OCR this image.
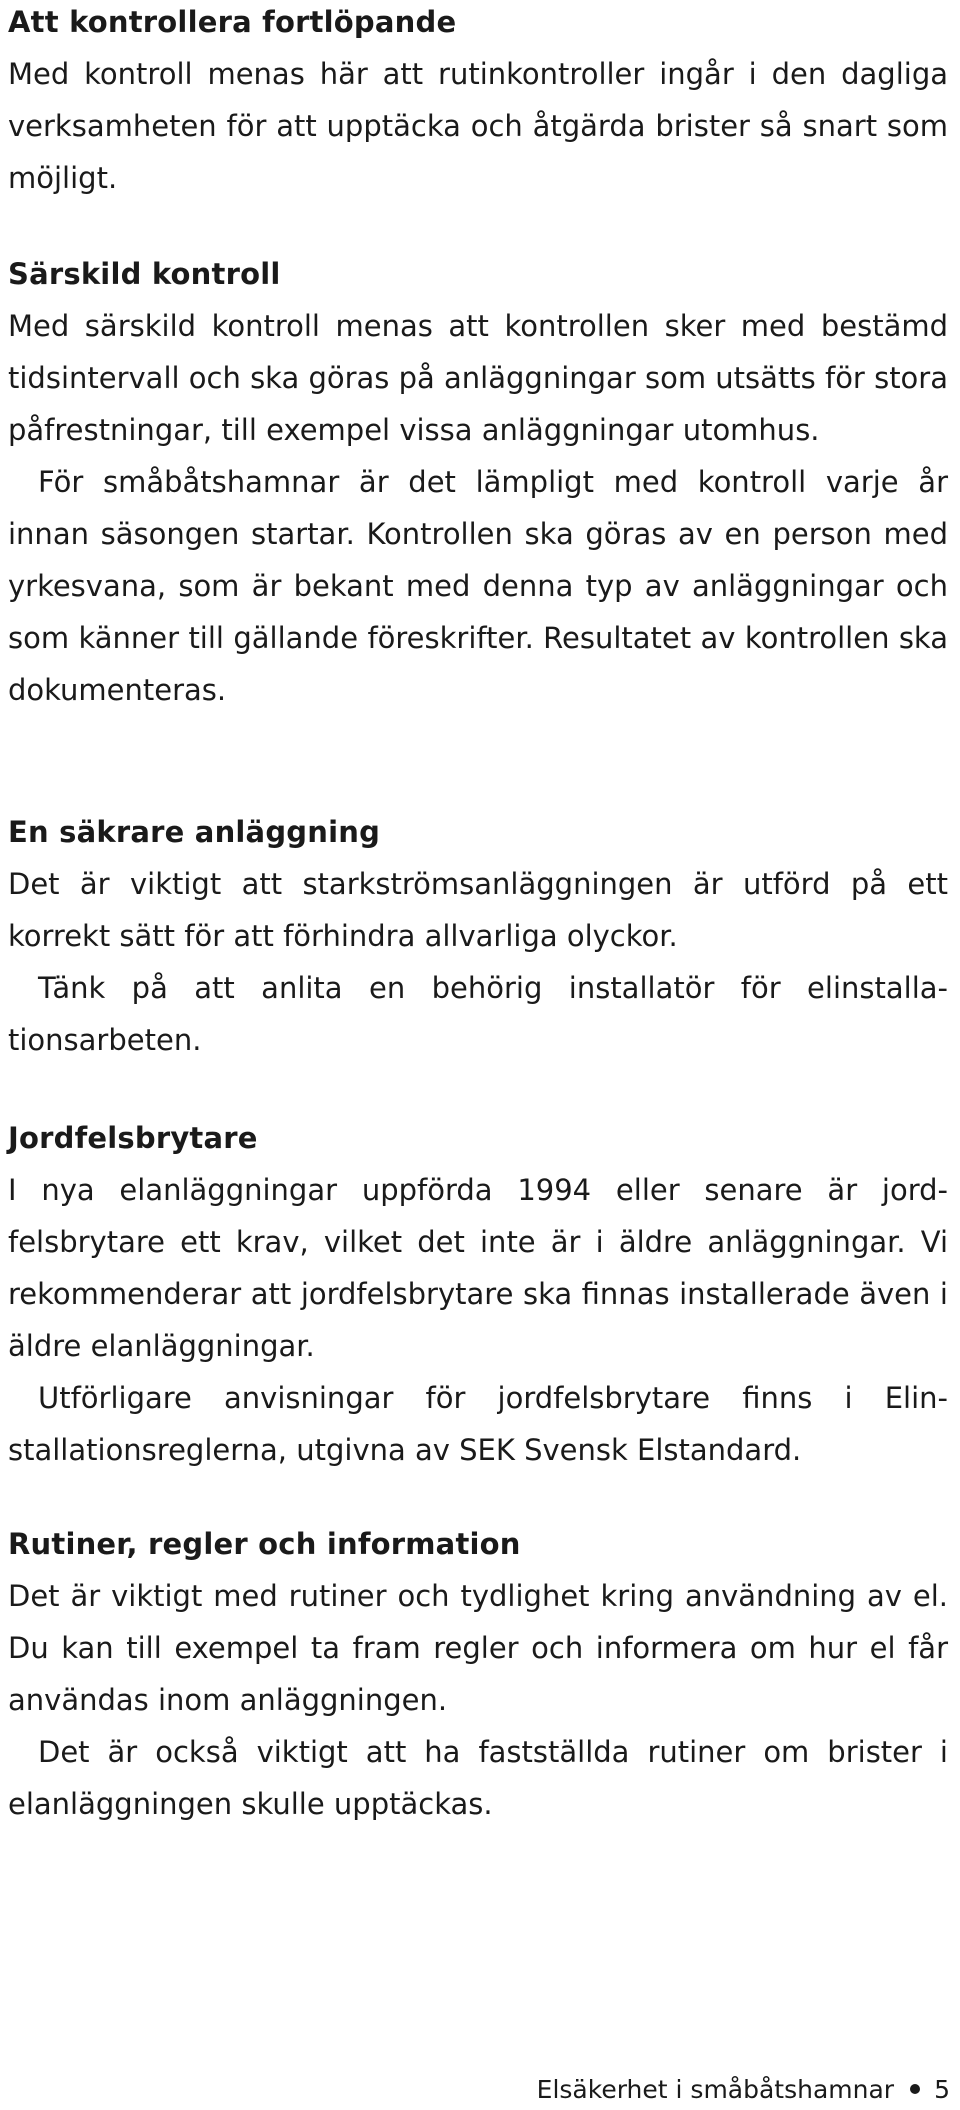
Att kontrollera fortlöpande

Med kontroll menas här att rutinkontroller ingår i den dagliga verksamheten för att upptäcka och åtgärda brister så snart som möjligt.

Särskild kontroll

Med särskild kontroll menas att kontrollen sker med bestämd tidsintervall och ska göras på anläggningar som utsätts för stora påfrestningar, till exempel vissa anläggningar utomhus.

För småbåtshamnar är det lämpligt med kontroll varje år innan säsongen startar. Kontrollen ska göras av en person med yrkesvana, som är bekant med denna typ av anläggningar och som känner till gällande föreskrifter. Resultatet av kontrollen ska dokumenteras.

En säkrare anläggning

Det är viktigt att starkströmsanläggningen är utförd på ett korrekt sätt för att förhindra allvarliga olyckor.

Tänk på att anlita en behörig installatör för elinstallationsarbeten.

Jordfelsbrytare

I nya elanläggningar uppförda 1994 eller senare är jordfelsbrytare ett krav, vilket det inte är i äldre anläggningar. Vi rekommenderar att jordfelsbrytare ska finnas installerade även i äldre elanläggningar.

Utförligare anvisningar för jordfelsbrytare finns i Elinstallationsreglerna, utgivna av SEK Svensk Elstandard.

Rutiner, regler och information

Det är viktigt med rutiner och tydlighet kring användning av el. Du kan till exempel ta fram regler och informera om hur el får användas inom anläggningen.

Det är också viktigt att ha fastställda rutiner om brister i elanläggningen skulle upptäckas.

Elsäkerhet i småbåtshamnar 5
